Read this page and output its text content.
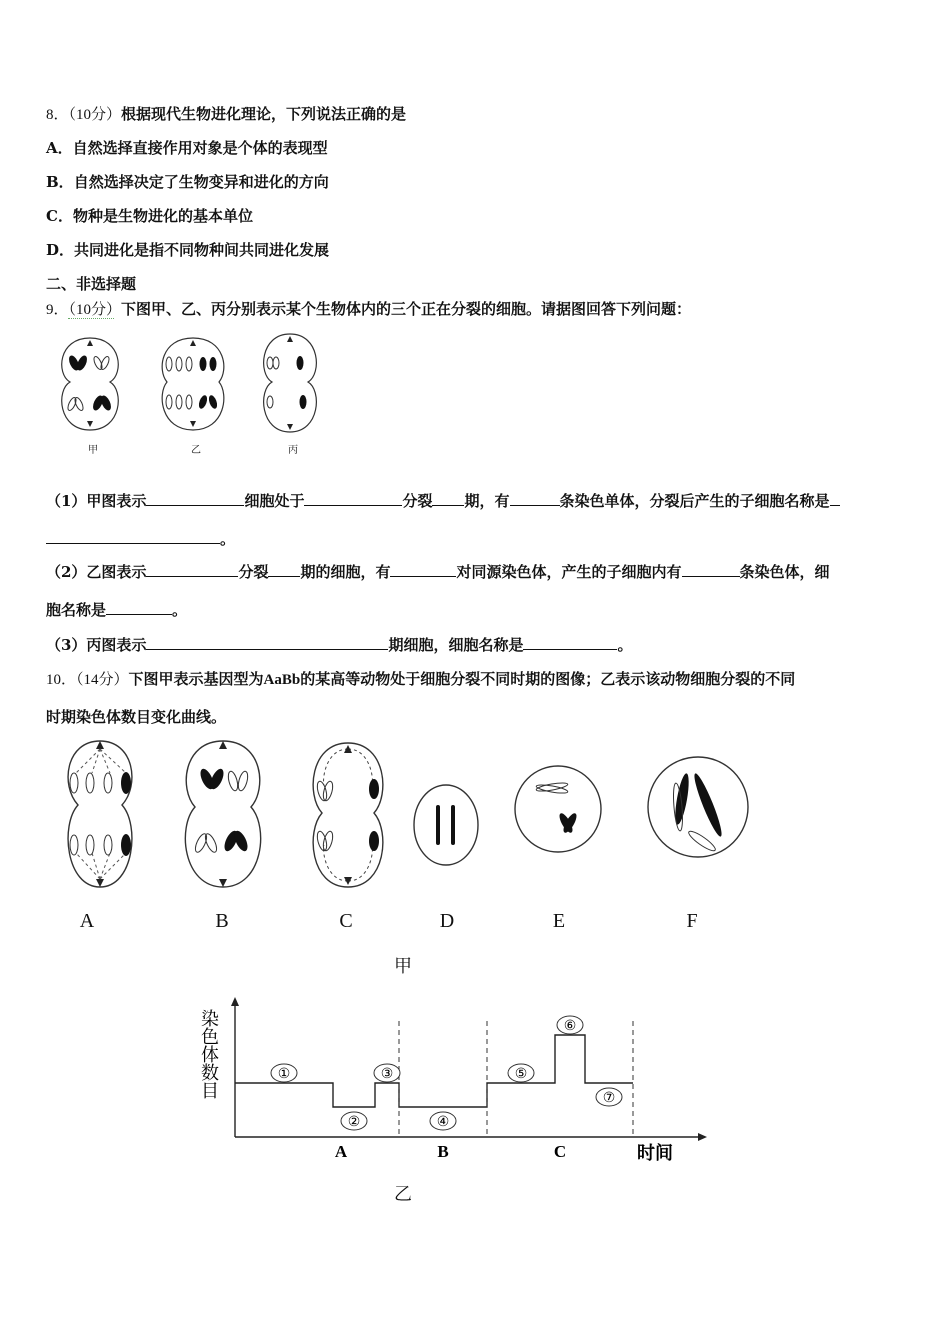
8．（10分）根据现代生物进化理论，下列说法正确的是
A．自然选择直接作用对象是个体的表现型
B．自然选择决定了生物变异和进化的方向
C．物种是生物进化的基本单位
D．共同进化是指不同物种间共同进化发展
二、非选择题
9．（10分）下图甲、乙、丙分别表示某个生物体内的三个正在分裂的细胞。请据图回答下列问题：
甲	乙	丙
（1）甲图表示	细胞处于	分裂 期，有	条染色单体，分裂后产生的子细胞名称是
。
（2）乙图表示	分裂 期的细胞，有	对同源染色体，产生的子细胞内有	条染色体，细
胞名称是	。
（3）丙图表示	期细胞，细胞名称是	。
10．（14分）下图甲表示基因型为AaBb的某高等动物处于细胞分裂不同时期的图像；乙表示该动物细胞分裂的不同
时期染色体数目变化曲线。
A	B	C	D	E	F
甲
染
色
体
数
目
①
②
③
④
⑤
⑥
⑦
A	B	C	时间
乙
